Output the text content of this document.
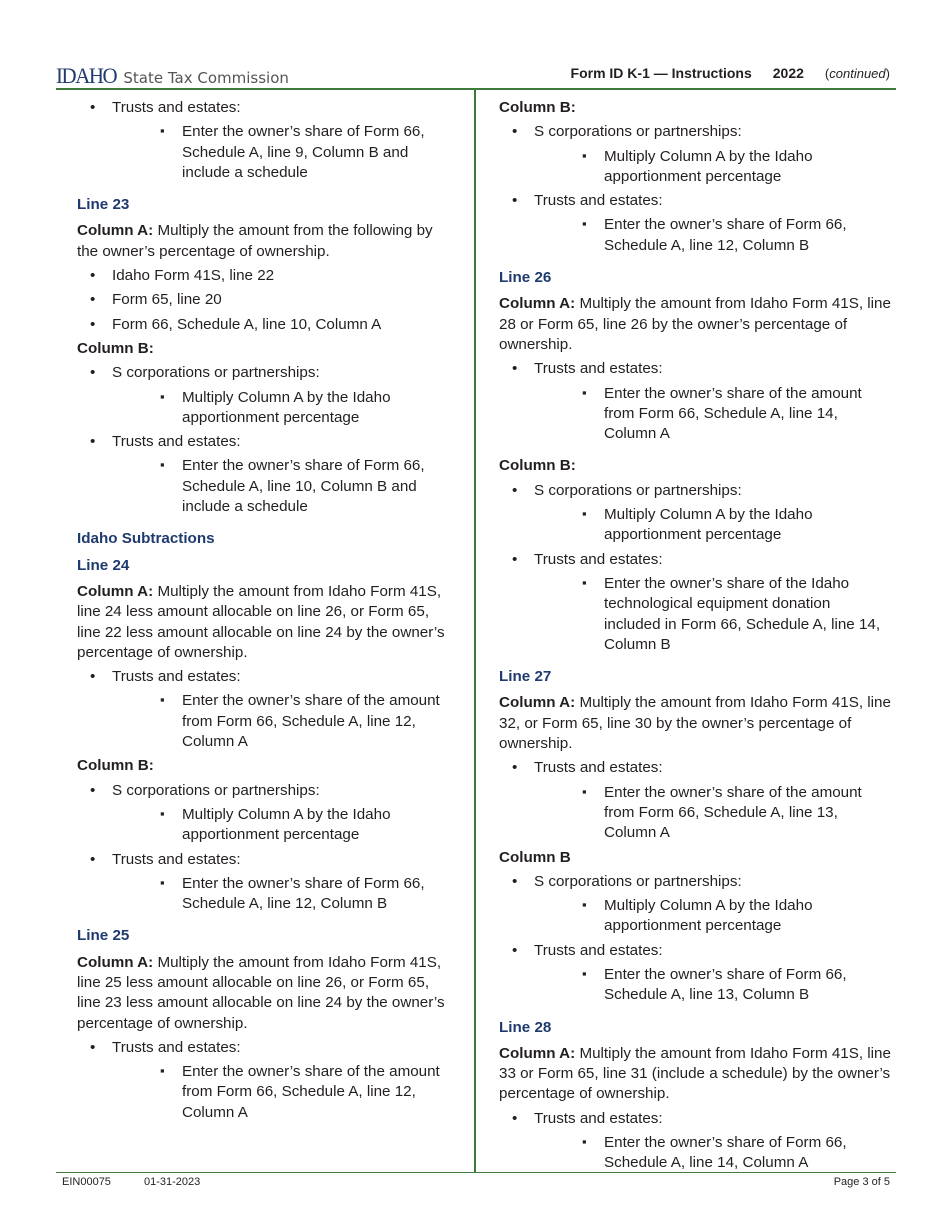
IDAHO State Tax Commission	Form ID K-1 — Instructions 2022 (continued)
• Trusts and estates:
▪ Enter the owner’s share of Form 66, Schedule A, line 9, Column B and include a schedule
Line 23
Column A: Multiply the amount from the following by the owner’s percentage of ownership.
• Idaho Form 41S, line 22
• Form 65, line 20
• Form 66, Schedule A, line 10, Column A
Column B:
• S corporations or partnerships:
▪ Multiply Column A by the Idaho apportionment percentage
• Trusts and estates:
▪ Enter the owner’s share of Form 66, Schedule A, line 10, Column B and include a schedule
Idaho Subtractions
Line 24
Column A: Multiply the amount from Idaho Form 41S, line 24 less amount allocable on line 26, or Form 65, line 22 less amount allocable on line 24 by the owner’s percentage of ownership.
• Trusts and estates:
▪ Enter the owner’s share of the amount from Form 66, Schedule A, line 12, Column A
Column B:
• S corporations or partnerships:
▪ Multiply Column A by the Idaho apportionment percentage
• Trusts and estates:
▪ Enter the owner’s share of Form 66, Schedule A, line 12, Column B
Line 25
Column A: Multiply the amount from Idaho Form 41S, line 25 less amount allocable on line 26, or Form 65, line 23 less amount allocable on line 24 by the owner’s percentage of ownership.
• Trusts and estates:
▪ Enter the owner’s share of the amount from Form 66, Schedule A, line 12, Column A
Column B:
• S corporations or partnerships:
▪ Multiply Column A by the Idaho apportionment percentage
• Trusts and estates:
▪ Enter the owner’s share of Form 66, Schedule A, line 12, Column B
Line 26
Column A: Multiply the amount from Idaho Form 41S, line 28 or Form 65, line 26 by the owner’s percentage of ownership.
• Trusts and estates:
▪ Enter the owner’s share of the amount from Form 66, Schedule A, line 14, Column A
Column B:
• S corporations or partnerships:
▪ Multiply Column A by the Idaho apportionment percentage
• Trusts and estates:
▪ Enter the owner’s share of the Idaho technological equipment donation included in Form 66, Schedule A, line 14, Column B
Line 27
Column A: Multiply the amount from Idaho Form 41S, line 32, or Form 65, line 30 by the owner’s percentage of ownership.
• Trusts and estates:
▪ Enter the owner’s share of the amount from Form 66, Schedule A, line 13, Column A
Column B
• S corporations or partnerships:
▪ Multiply Column A by the Idaho apportionment percentage
• Trusts and estates:
▪ Enter the owner’s share of Form 66, Schedule A, line 13, Column B
Line 28
Column A: Multiply the amount from Idaho Form 41S, line 33 or Form 65, line 31 (include a schedule) by the owner’s percentage of ownership.
• Trusts and estates:
▪ Enter the owner’s share of Form 66, Schedule A, line 14, Column A
EIN00075	01-31-2023	Page 3 of 5
